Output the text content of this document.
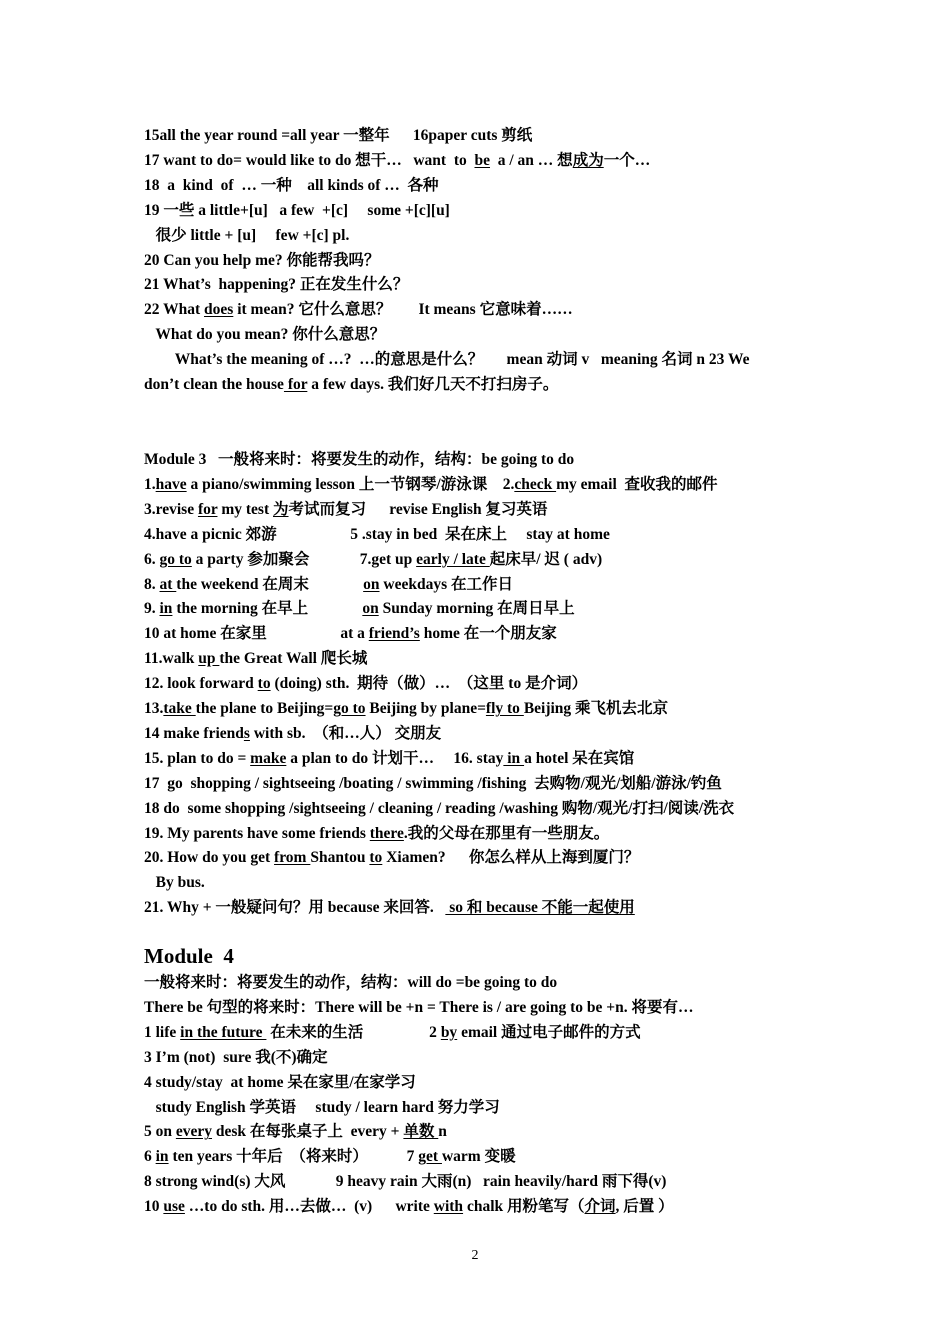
15all the year round =all year 一整年      16paper cuts 剪纸
17 want to do= would like to do 想干…   want  to  be  a / an … 想成为一个…
18  a  kind  of  … 一种    all kinds of …  各种
19 一些 a little+[u]   a few  +[c]     some +[c][u]
很少 little + [u]     few +[c] pl.
20 Can you help me? 你能帮我吗？
21 What’s  happening? 正在发生什么？
22 What does it mean? 它什么意思？       It means 它意味着……
What do you mean? 你什么意思？
What’s the meaning of …?  …的意思是什么？      mean 动词 v   meaning 名词 n 23 We
don’t clean the house for a few days. 我们好几天不打扫房子。
Module 3   一般将来时：将要发生的动作，结构：be going to do
1.have a piano/swimming lesson 上一节钢琴/游泳课    2.check my email  查收我的邮件
3.revise for my test 为考试而复习      revise English 复习英语
4.have a picnic 郊游                   5 .stay in bed  呆在床上     stay at home
6. go to a party 参加聚会             7.get up early / late 起床早/ 迟 ( adv)
8. at the weekend 在周末              on weekdays 在工作日
9. in the morning 在早上              on Sunday morning 在周日早上
10 at home 在家里                   at a friend’s home 在一个朋友家
11.walk up the Great Wall 爬长城
12. look forward to (doing) sth.  期待（做）…  （这里 to 是介词）
13.take the plane to Beijing=go to Beijing by plane=fly to Beijing 乘飞机去北京
14 make friends with sb.  （和…人） 交朋友
15. plan to do = make a plan to do 计划干…     16. stay in a hotel 呆在宾馆
17  go  shopping / sightseeing /boating / swimming /fishing  去购物/观光/划船/游泳/钓鱼
18 do  some shopping /sightseeing / cleaning / reading /washing 购物/观光/打扫/阅读/洗衣
19. My parents have some friends there.我的父母在那里有一些朋友。
20. How do you get from Shantou to Xiamen?      你怎么样从上海到厦门？
By bus.
21. Why + 一般疑问句？用 because 来回答.    so 和 because 不能一起使用
Module  4
一般将来时：将要发生的动作，结构：will do =be going to do
There be 句型的将来时：There will be +n = There is / are going to be +n. 将要有…
1 life in the future  在未来的生活                 2 by email 通过电子邮件的方式
3 I’m (not)  sure 我(不)确定
4 study/stay  at home 呆在家里/在家学习
study English 学英语     study / learn hard 努力学习
5 on every desk 在每张桌子上  every + 单数 n
6 in ten years 十年后  （将来时）          7 get warm 变暖
8 strong wind(s) 大风             9 heavy rain 大雨(n)   rain heavily/hard 雨下得(v)
10 use …to do sth. 用…去做…  (v)      write with chalk 用粉笔写（介词, 后置 ）
2
